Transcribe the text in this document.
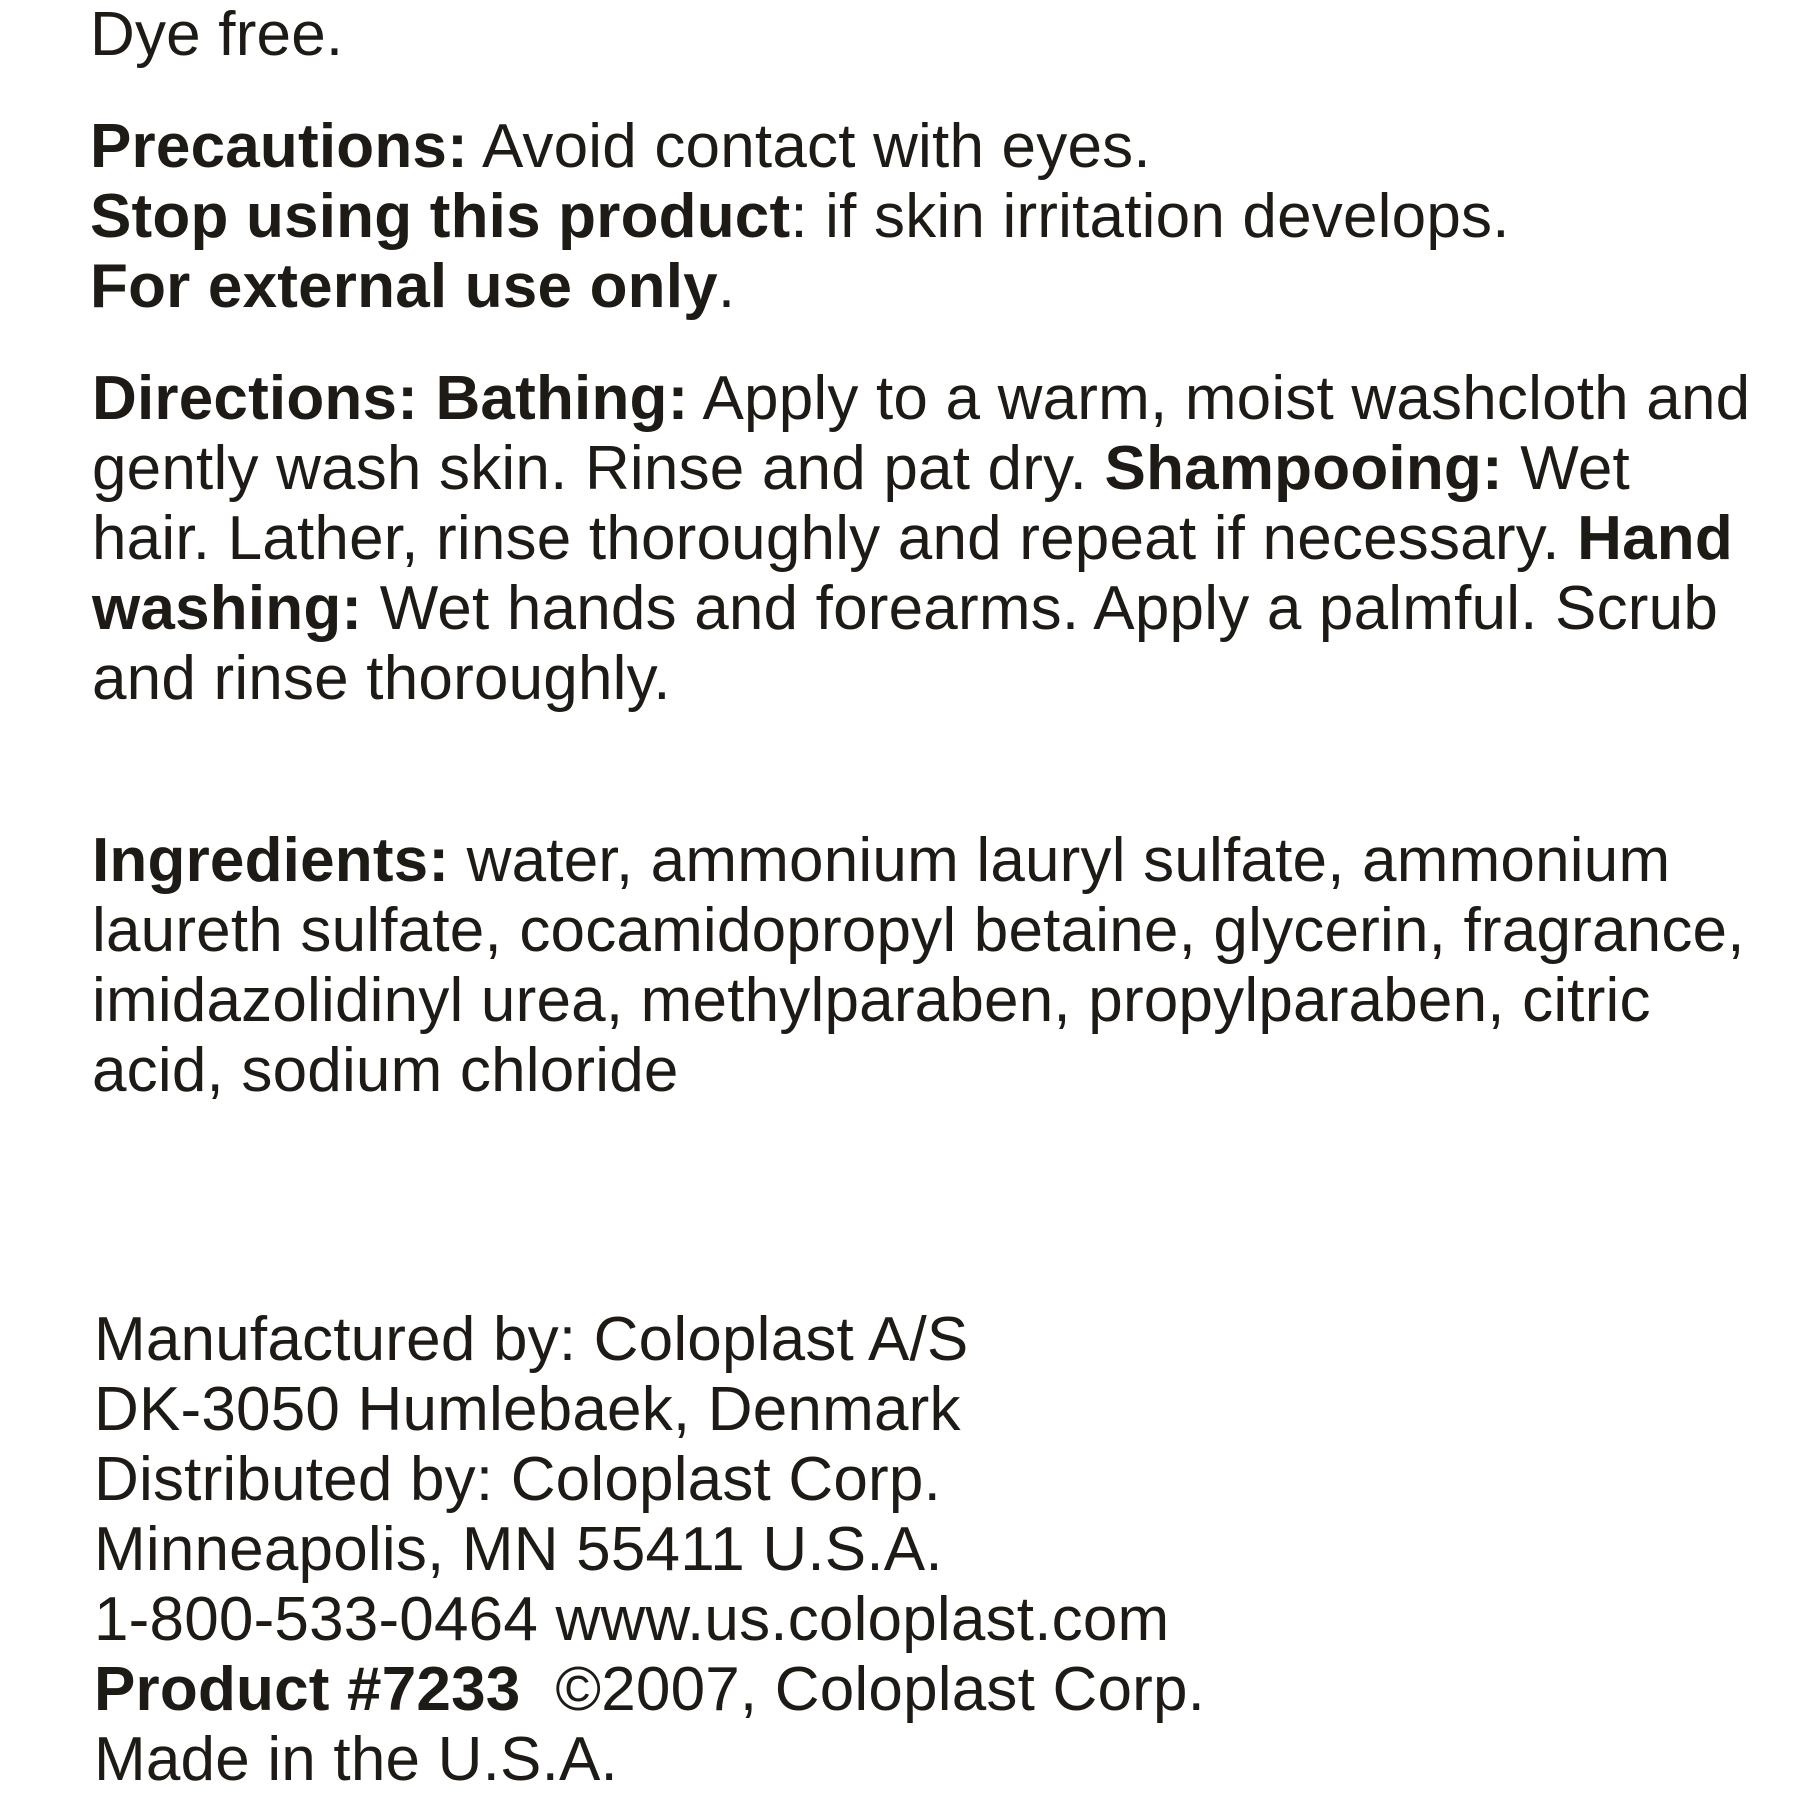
Dye free.

Precautions: Avoid contact with eyes.
Stop using this product: if skin irritation develops.
For external use only.

Directions: Bathing: Apply to a warm, moist washcloth and gently wash skin. Rinse and pat dry. Shampooing: Wet hair. Lather, rinse thoroughly and repeat if necessary. Hand washing: Wet hands and forearms. Apply a palmful. Scrub and rinse thoroughly.

Ingredients: water, ammonium lauryl sulfate, ammonium laureth sulfate, cocamidopropyl betaine, glycerin, fragrance, imidazolidinyl urea, methylparaben, propylparaben, citric acid, sodium chloride

Manufactured by: Coloplast A/S
DK-3050 Humlebaek, Denmark
Distributed by: Coloplast Corp.
Minneapolis, MN 55411 U.S.A.
1-800-533-0464 www.us.coloplast.com
Product #7233  ©2007, Coloplast Corp.
Made in the U.S.A.
